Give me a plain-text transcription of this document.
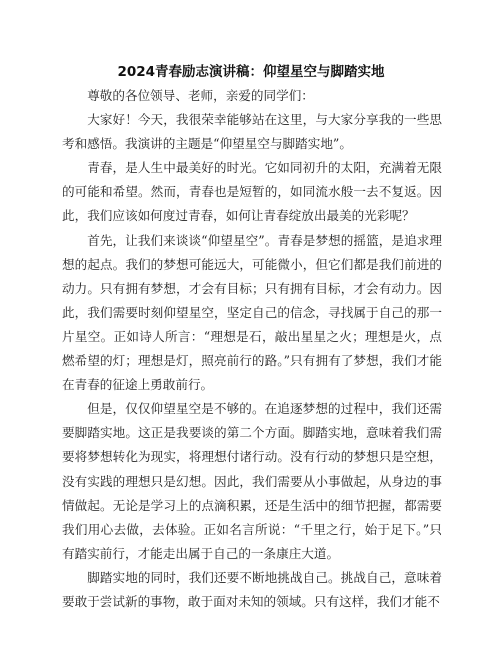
2024青春励志演讲稿：仰望星空与脚踏实地

尊敬的各位领导、老师，亲爱的同学们：

大家好！今天，我很荣幸能够站在这里，与大家分享我的一些思考和感悟。我演讲的主题是“仰望星空与脚踏实地”。

青春，是人生中最美好的时光。它如同初升的太阳，充满着无限的可能和希望。然而，青春也是短暂的，如同流水般一去不复返。因此，我们应该如何度过青春，如何让青春绽放出最美的光彩呢？

首先，让我们来谈谈“仰望星空”。青春是梦想的摇篮，是追求理想的起点。我们的梦想可能远大，可能微小，但它们都是我们前进的动力。只有拥有梦想，才会有目标；只有拥有目标，才会有动力。因此，我们需要时刻仰望星空，坚定自己的信念，寻找属于自己的那一片星空。正如诗人所言：“理想是石，敲出星星之火；理想是火，点燃希望的灯；理想是灯，照亮前行的路。”只有拥有了梦想，我们才能在青春的征途上勇敢前行。

但是，仅仅仰望星空是不够的。在追逐梦想的过程中，我们还需要脚踏实地。这正是我要谈的第二个方面。脚踏实地，意味着我们需要将梦想转化为现实，将理想付诸行动。没有行动的梦想只是空想，没有实践的理想只是幻想。因此，我们需要从小事做起，从身边的事情做起。无论是学习上的点滴积累，还是生活中的细节把握，都需要我们用心去做，去体验。正如名言所说：“千里之行，始于足下。”只有踏实前行，才能走出属于自己的一条康庄大道。

脚踏实地的同时，我们还要不断地挑战自己。挑战自己，意味着要敢于尝试新的事物，敢于面对未知的领域。只有这样，我们才能不
